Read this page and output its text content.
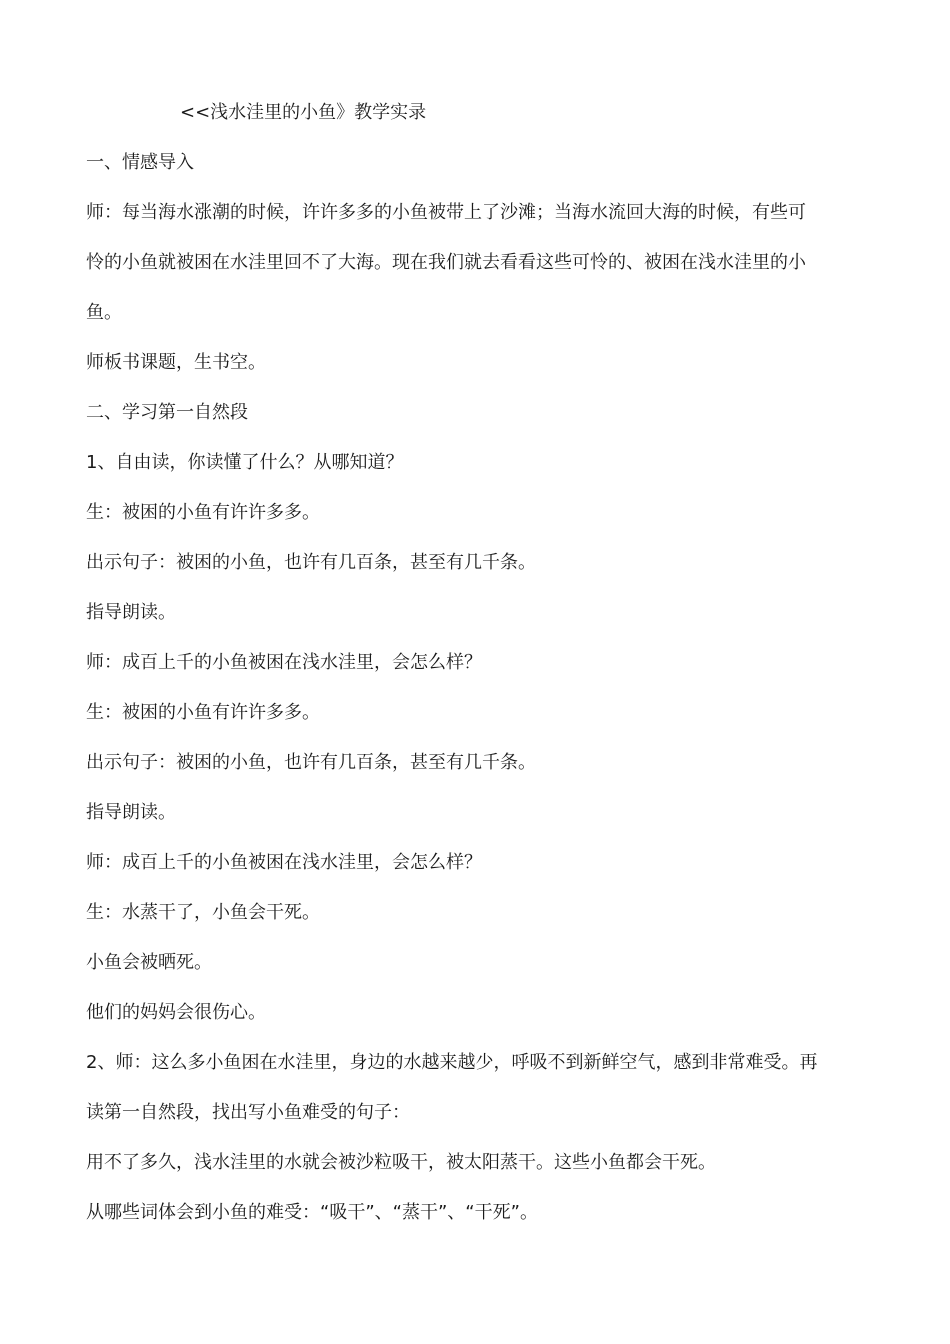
<<浅水洼里的小鱼》教学实录
一、情感导入
师：每当海水涨潮的时候，许许多多的小鱼被带上了沙滩；当海水流回大海的时候，有些可
怜的小鱼就被困在水洼里回不了大海。现在我们就去看看这些可怜的、被困在浅水洼里的小
鱼。
师板书课题，生书空。
二、学习第一自然段
1、自由读，你读懂了什么？从哪知道？
生：被困的小鱼有许许多多。
出示句子：被困的小鱼，也许有几百条，甚至有几千条。
指导朗读。
师：成百上千的小鱼被困在浅水洼里，会怎么样？
生：被困的小鱼有许许多多。
出示句子：被困的小鱼，也许有几百条，甚至有几千条。
指导朗读。
师：成百上千的小鱼被困在浅水洼里，会怎么样？
生：水蒸干了，小鱼会干死。
小鱼会被晒死。
他们的妈妈会很伤心。
2、师：这么多小鱼困在水洼里，身边的水越来越少，呼吸不到新鲜空气，感到非常难受。再
读第一自然段，找出写小鱼难受的句子：
用不了多久，浅水洼里的水就会被沙粒吸干，被太阳蒸干。这些小鱼都会干死。
从哪些词体会到小鱼的难受：“吸干”、“蒸干”、“干死”。
